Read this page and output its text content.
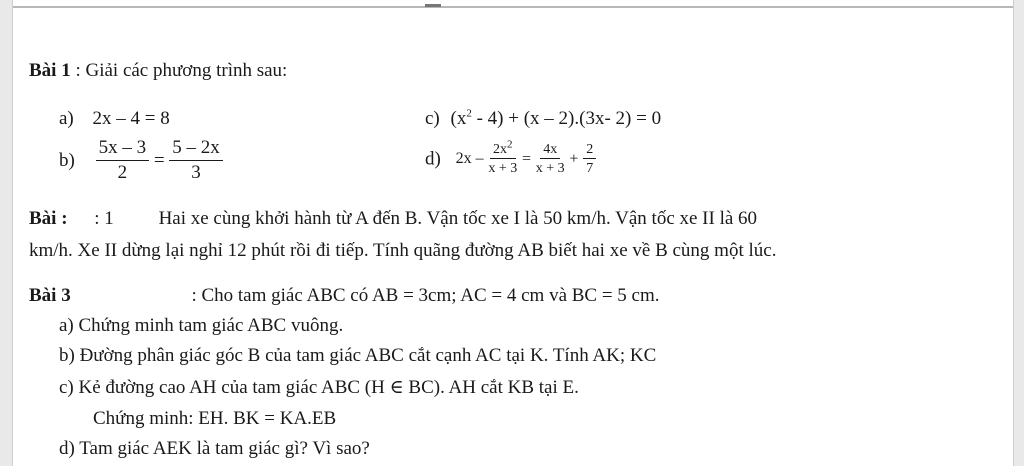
Bài 1 : Giải các phương trình sau:
a) 2x – 4 = 8
$b) \frac{5x - 3}{2} = \frac{5 - 2x}{3}$
c) $(x^2 - 4) + (x - 2).(3x-$ 2) = 0
d) $2x - \frac{2x^2}{x + 3} = \frac{4x}{x + 3} + \frac{2}{7}$
Bài : : 1 Hai xe cùng khởi hành từ A đến B. Vận tốc xe I là 50 km/h. Vận tốc xe II là 60
km/h. Xe II dừng lại nghỉ 12 phút rồi đi tiếp. Tính quãng đường AB biết hai xe về B cùng một lúc.
Bài 3	: Cho tam giác ABC có AB = 3cm; AC = 4 cm và BC = 5 cm.
a) Chứng minh tam giác ABC vuông.
b) Đường phân giác góc B của tam giác ABC cắt cạnh AC tại K. Tính AK; KC
c) Kẻ đường cao AH của tam giác ABC (H ∈ BC). AH cắt KB tại E.
Chứng minh: EH. BK = KA.EB
d) Tam giác AEK là tam giác gì? Vì sao?
